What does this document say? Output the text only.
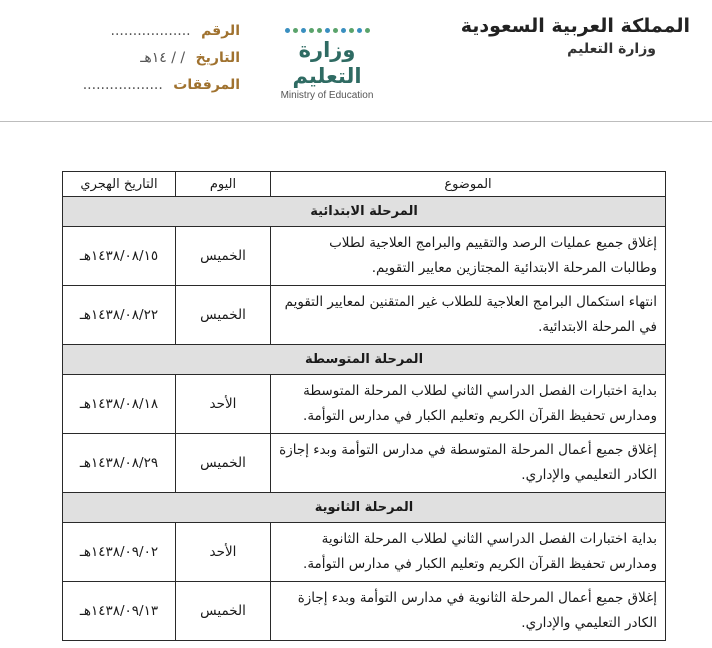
المملكة العربية السعودية
وزارة التعليم
وزارة التعليم
Ministry of Education
الرقم ..................
التاريخ / / ١٤هـ
المرفقات ..................
الموضوع	اليوم	التاريخ الهجري
المرحلة الابتدائية		
إغلاق جميع عمليات الرصد والتقييم والبرامج العلاجية لطلاب وطالبات المرحلة الابتدائية المجتازين معايير التقويم.	الخميس	١٤٣٨/٠٨/١٥هـ
انتهاء استكمال البرامج العلاجية للطلاب غير المتقنين لمعايير التقويم في المرحلة الابتدائية.	الخميس	١٤٣٨/٠٨/٢٢هـ
المرحلة المتوسطة		
بداية اختبارات الفصل الدراسي الثاني لطلاب المرحلة المتوسطة ومدارس تحفيظ القرآن الكريم وتعليم الكبار في مدارس التوأمة.	الأحد	١٤٣٨/٠٨/١٨هـ
إغلاق جميع أعمال المرحلة المتوسطة في مدارس التوأمة وبدء إجازة الكادر التعليمي والإداري.	الخميس	١٤٣٨/٠٨/٢٩هـ
المرحلة الثانوية		
بداية اختبارات الفصل الدراسي الثاني لطلاب المرحلة الثانوية ومدارس تحفيظ القرآن الكريم وتعليم الكبار في مدارس التوأمة.	الأحد	١٤٣٨/٠٩/٠٢هـ
إغلاق جميع أعمال المرحلة الثانوية في مدارس التوأمة وبدء إجازة الكادر التعليمي والإداري.	الخميس	١٤٣٨/٠٩/١٣هـ
